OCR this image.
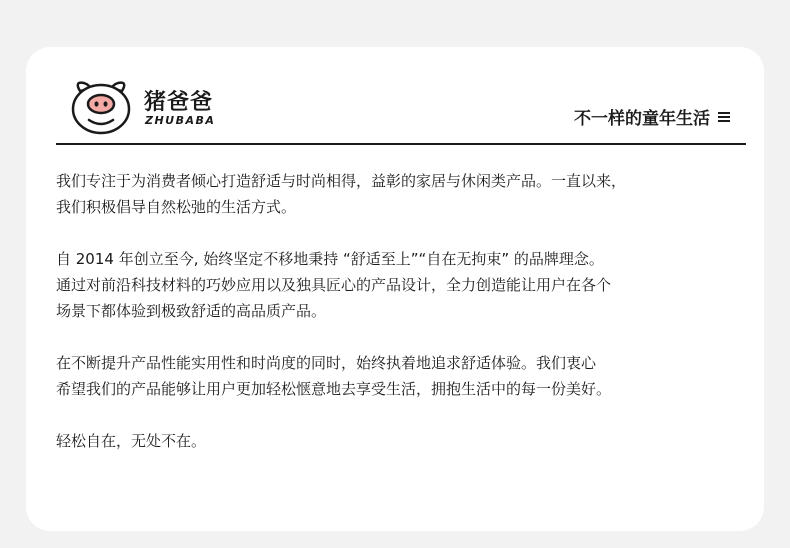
猪爸爸
ZHUBABA	不一样的童年生活

我们专注于为消费者倾心打造舒适与时尚相得，益彰的家居与休闲类产品。一直以来，
我们积极倡导自然松弛的生活方式。

自 2014 年创立至今, 始终坚定不移地秉持 “舒适至上”“自在无拘束” 的品牌理念。
通过对前沿科技材料的巧妙应用以及独具匠心的产品设计，全力创造能让用户在各个
场景下都体验到极致舒适的高品质产品。

在不断提升产品性能实用性和时尚度的同时，始终执着地追求舒适体验。我们衷心
希望我们的产品能够让用户更加轻松惬意地去享受生活，拥抱生活中的每一份美好。

轻松自在，无处不在。
